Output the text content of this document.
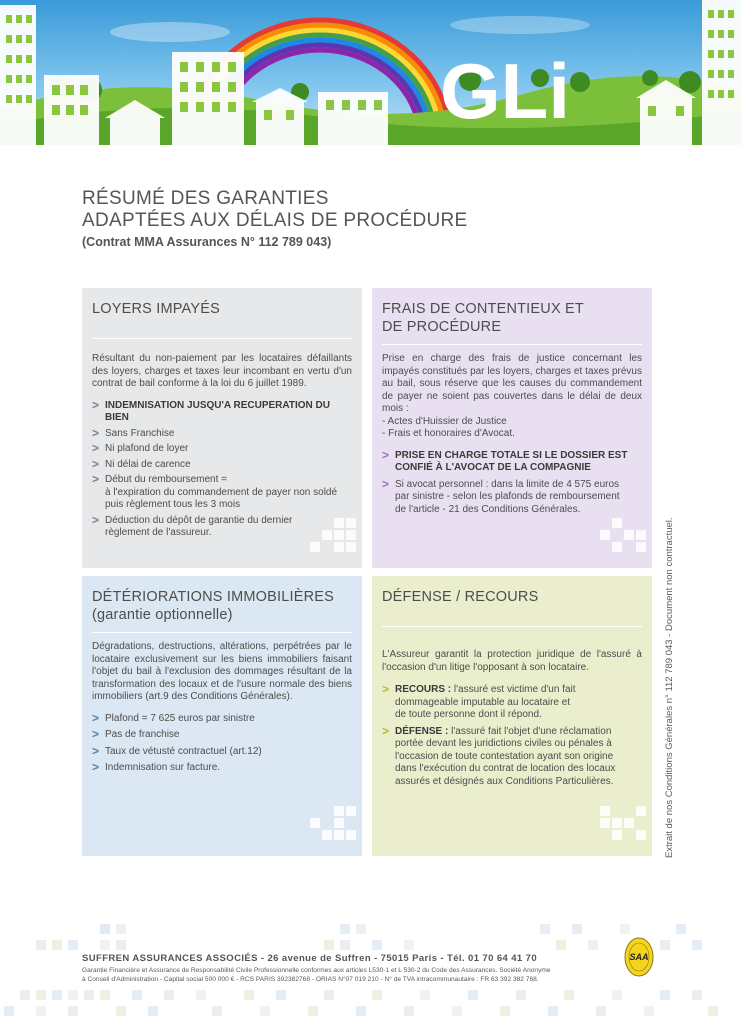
GLi
RÉSUMÉ DES GARANTIES
ADAPTÉES AUX DÉLAIS DE PROCÉDURE
(Contrat MMA Assurances N° 112 789 043)
LOYERS IMPAYÉS

Résultant du non-paiement par les locataires défaillants des loyers, charges et taxes leur incombant en vertu d'un contrat de bail conforme à la loi du 6 juillet 1989.

> INDEMNISATION JUSQU'A RECUPERATION DU BIEN
> Sans Franchise
> Ni plafond de loyer
> Ni délai de carence
> Début du remboursement =
à l'expiration du commandement de payer non soldé
puis règlement tous les 3 mois
> Déduction du dépôt de garantie du dernier
règlement de l'assureur.
FRAIS DE CONTENTIEUX ET
DE PROCÉDURE

Prise en charge des frais de justice concernant les impayés constitués par les loyers, charges et taxes prévus au bail, sous réserve que les causes du commandement de payer ne soient pas couvertes dans le délai de deux mois :

- Actes d'Huissier de Justice

- Frais et honoraires d'Avocat.

> PRISE EN CHARGE TOTALE SI LE DOSSIER EST
CONFIÉ À L'AVOCAT DE LA COMPAGNIE
> Si avocat personnel : dans la limite de 4 575 euros
par sinistre - selon les plafonds de remboursement
de l'article - 21 des Conditions Générales.
DÉTÉRIORATIONS IMMOBILIÈRES
(garantie optionnelle)

Dégradations, destructions, altérations, perpétrées par le locataire exclusivement sur les biens immobiliers faisant l'objet du bail à l'exclusion des dommages résultant de la transformation des locaux et de l'usure normale des biens immobiliers (art.9 des Conditions Générales).

> Plafond = 7 625 euros par sinistre
> Pas de franchise
> Taux de vétusté contractuel (art.12)
> Indemnisation sur facture.
DÉFENSE / RECOURS

L'Assureur garantit la protection juridique de l'assuré à l'occasion d'un litige l'opposant à son locataire.

> RECOURS : l'assuré est victime d'un fait
dommageable imputable au locataire et
de toute personne dont il répond.
> DÉFENSE : l'assuré fait l'objet d'une réclamation
portée devant les juridictions civiles ou pénales à
l'occasion de toute contestation ayant son origine
dans l'exécution du contrat de location des locaux
assurés et désignés aux Conditions Particulières.	Extrait de nos Conditions Générales n° 112 789 043 - Document non contractuel.
SUFFREN ASSURANCES ASSOCIÉS - 26 avenue de Suffren - 75015 Paris - Tél. 01 70 64 41 70
Garantie Financière et Assurance de Responsabilité Civile Professionnelle conformes aux articles L530-1 et L 530-2 du Code des Assurances. Société Anonyme
à Conseil d'Administration - Capital social 500 000 € - RCS PARIS 392382768 - ORIAS N°07 019 210 - N° de TVA intracommunautaire : FR 63 392 382 768.
SAA
